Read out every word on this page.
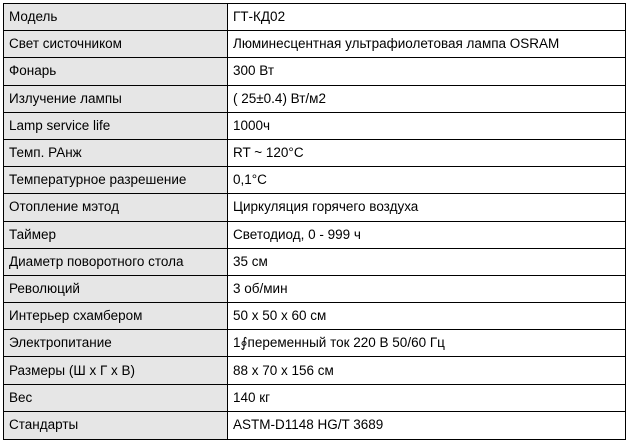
Модель	ГТ-КД02
Свет систочником	Люминесцентная ультрафиолетовая лампа OSRAM
Фонарь	300 Вт
Излучение лампы	( 25±0.4) Вт/м2
Lamp service life	1000ч
Темп. РАнж	RT ~ 120°C
Температурное разрешение	0,1°C
Отопление мэтод	Циркуляция горячего воздуха
Таймер	Светодиод, 0 - 999 ч
Диаметр поворотного стола	35 см
Революций	3 об/мин
Интерьер схамбером	50 x 50 x 60 см
Электропитание	1∮переменный ток 220 В 50/60 Гц
Размеры (Ш x Г x В)	88 x 70 x 156 см
Вес	140 кг
Стандарты	ASTM-D1148 HG/T 3689
